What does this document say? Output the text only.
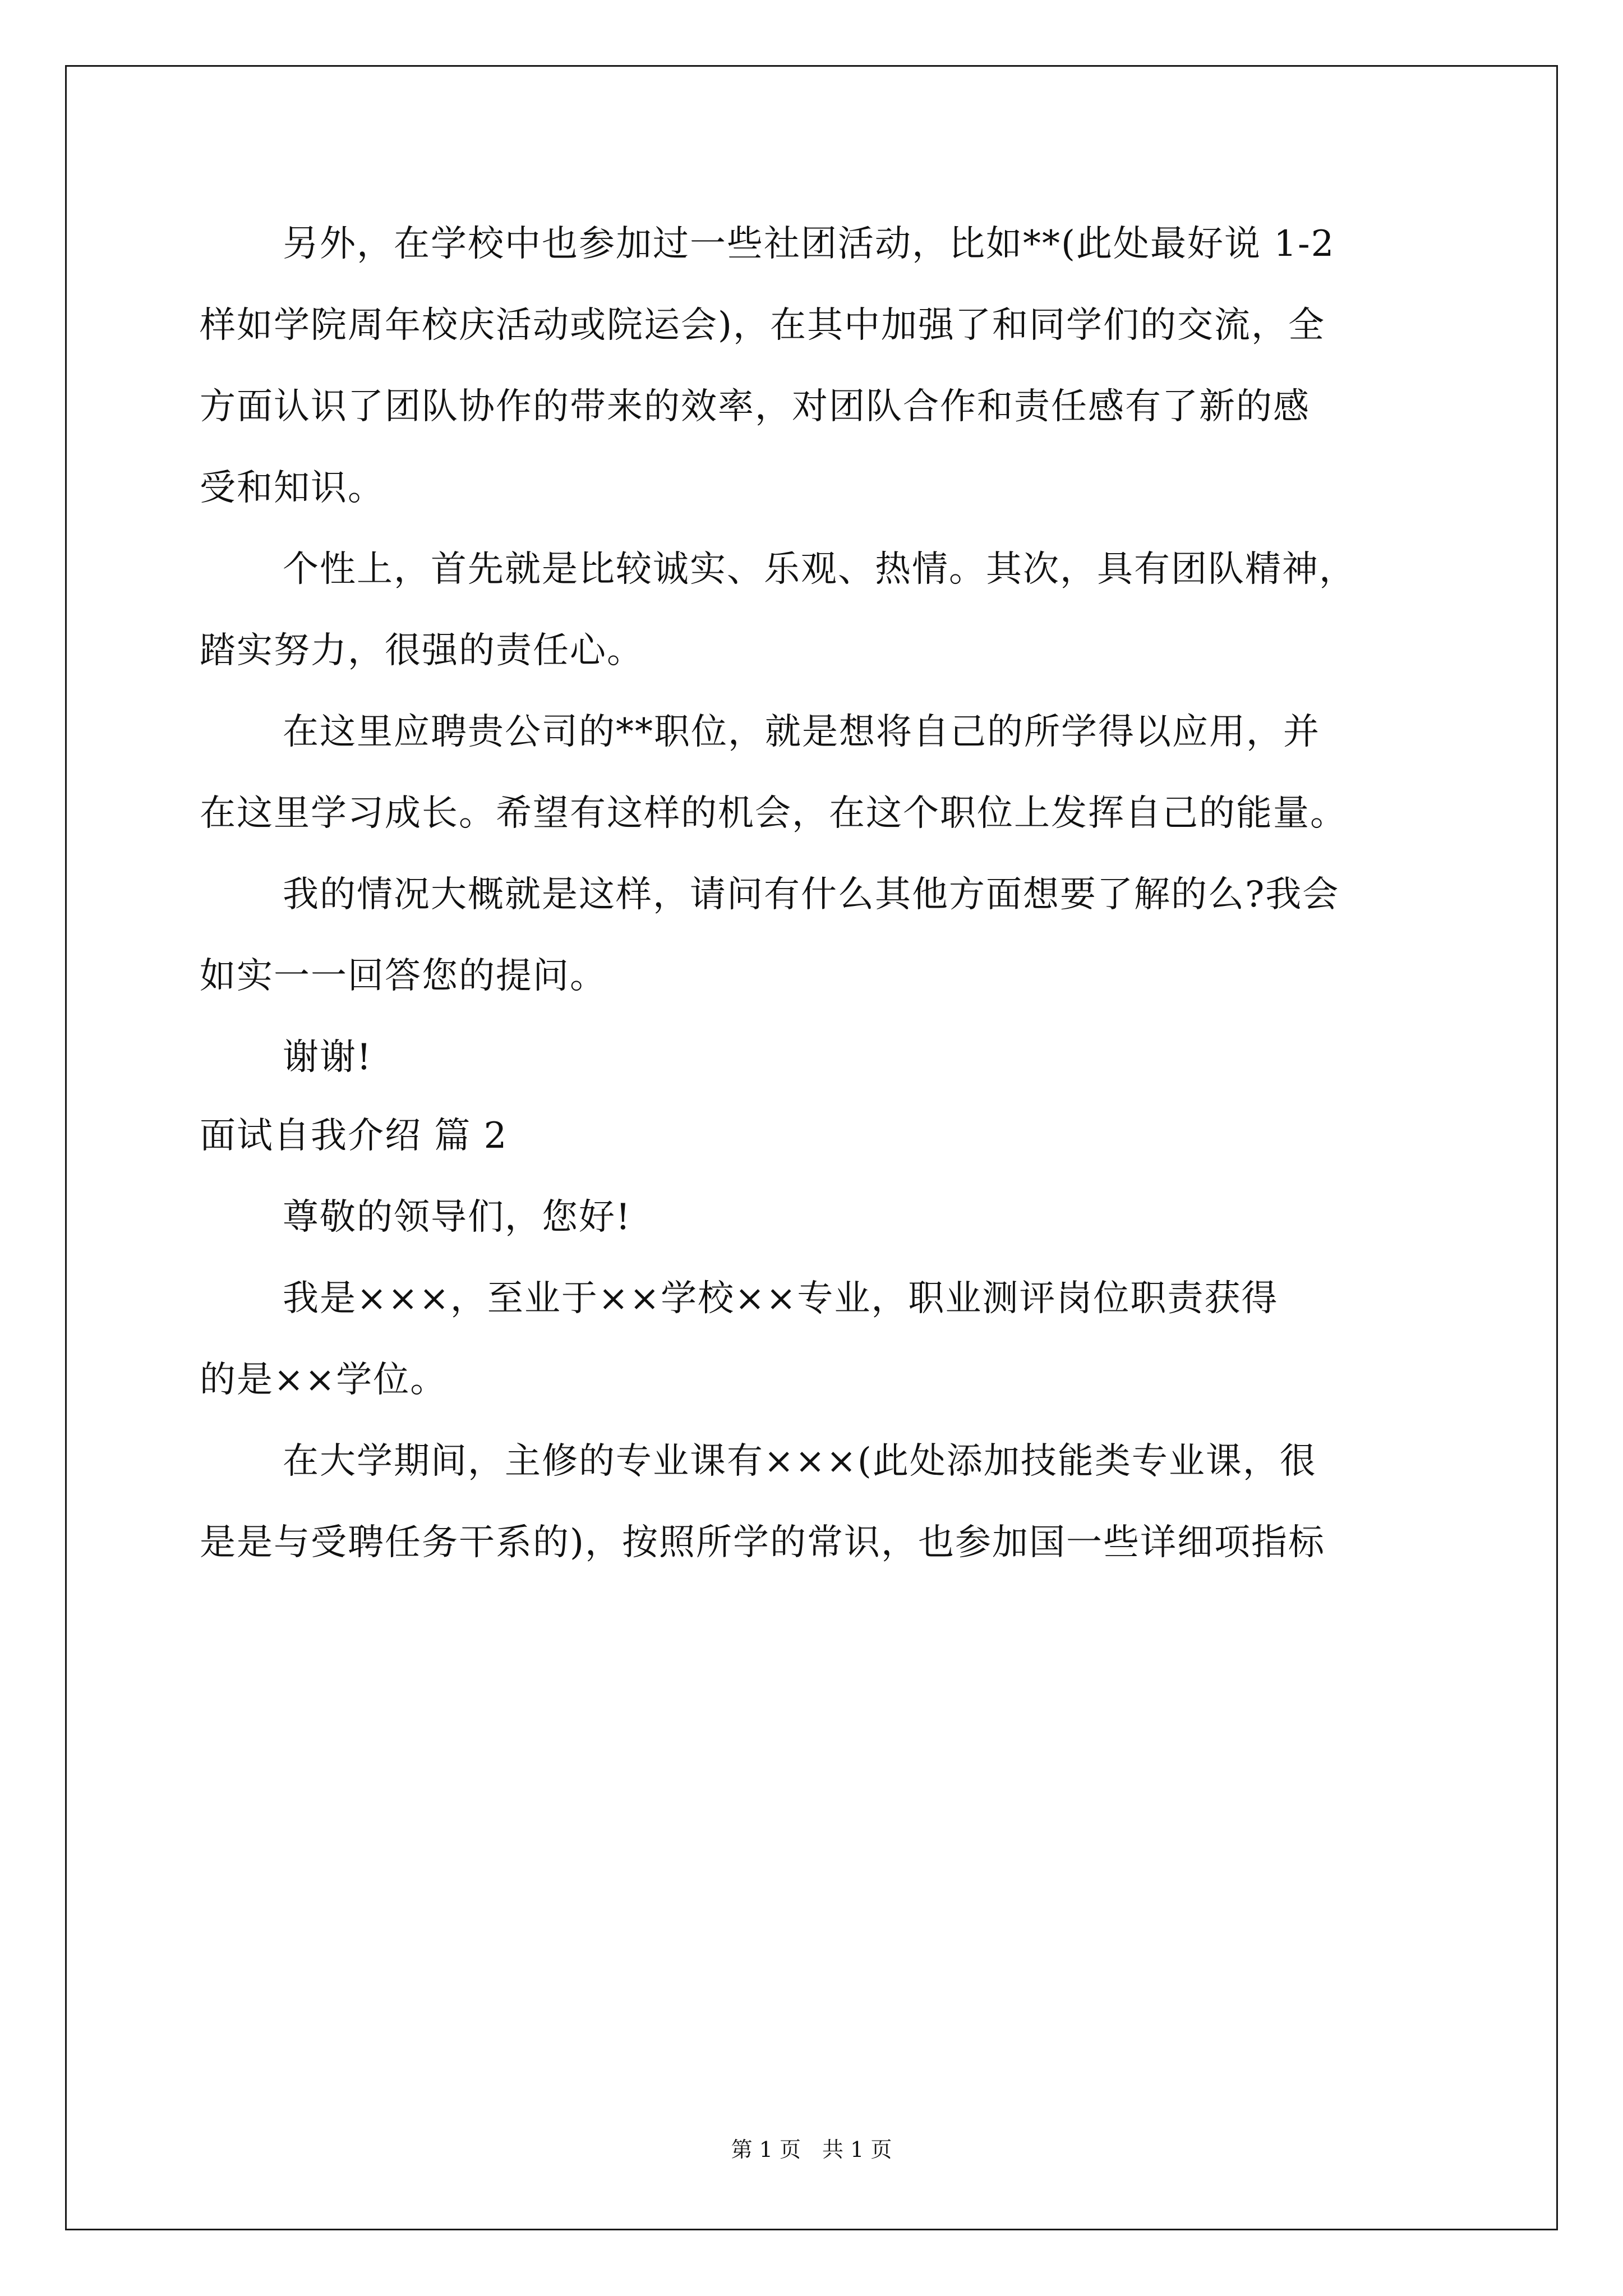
另外，在学校中也参加过一些社团活动，比如**(此处最好说 1-2
样如学院周年校庆活动或院运会)，在其中加强了和同学们的交流，全
方面认识了团队协作的带来的效率，对团队合作和责任感有了新的感
受和知识。
个性上，首先就是比较诚实、乐观、热情。其次，具有团队精神，
踏实努力，很强的责任心。
在这里应聘贵公司的**职位，就是想将自己的所学得以应用，并
在这里学习成长。希望有这样的机会，在这个职位上发挥自己的能量。
我的情况大概就是这样，请问有什么其他方面想要了解的么?我会
如实一一回答您的提问。
谢谢!
面试自我介绍 篇 2
尊敬的领导们，您好!
我是×××，至业于××学校××专业，职业测评岗位职责获得
的是××学位。
在大学期间，主修的专业课有×××(此处添加技能类专业课，很
是是与受聘任务干系的)，按照所学的常识，也参加国一些详细项指标
第 1 页　共 1 页
